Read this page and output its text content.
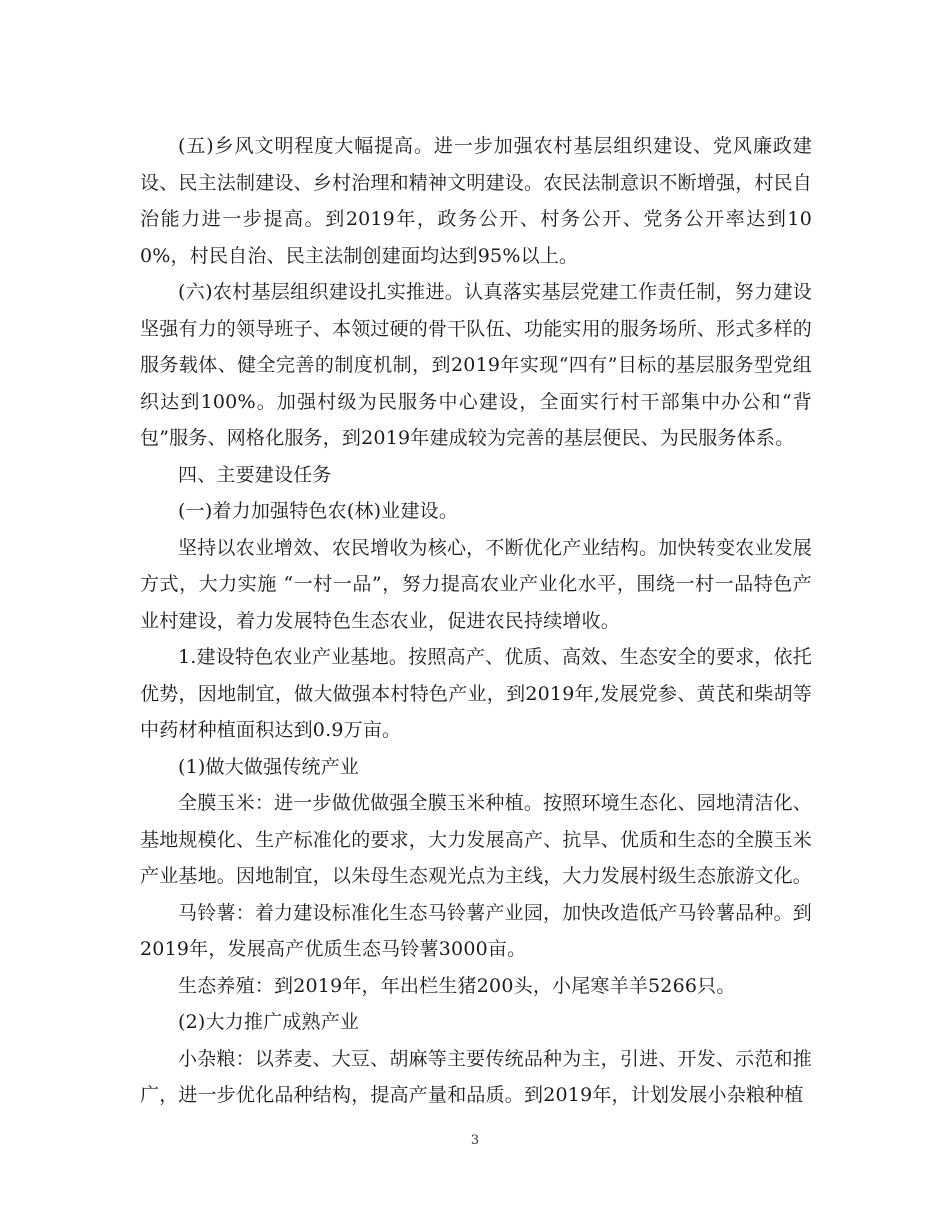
(五)乡风文明程度大幅提高。进一步加强农村基层组织建设、党风廉政建设、民主法制建设、乡村治理和精神文明建设。农民法制意识不断增强，村民自治能力进一步提高。到2019年，政务公开、村务公开、党务公开率达到100%，村民自治、民主法制创建面均达到95%以上。

(六)农村基层组织建设扎实推进。认真落实基层党建工作责任制，努力建设坚强有力的领导班子、本领过硬的骨干队伍、功能实用的服务场所、形式多样的服务载体、健全完善的制度机制，到2019年实现“四有”目标的基层服务型党组织达到100%。加强村级为民服务中心建设，全面实行村干部集中办公和“背包”服务、网格化服务，到2019年建成较为完善的基层便民、为民服务体系。

四、主要建设任务

(一)着力加强特色农(林)业建设。

坚持以农业增效、农民增收为核心，不断优化产业结构。加快转变农业发展方式，大力实施 “一村一品”，努力提高农业产业化水平，围绕一村一品特色产业村建设，着力发展特色生态农业，促进农民持续增收。

1.建设特色农业产业基地。按照高产、优质、高效、生态安全的要求，依托优势，因地制宜，做大做强本村特色产业，到2019年,发展党参、黄芪和柴胡等中药材种植面积达到0.9万亩。

(1)做大做强传统产业

全膜玉米：进一步做优做强全膜玉米种植。按照环境生态化、园地清洁化、基地规模化、生产标准化的要求，大力发展高产、抗旱、优质和生态的全膜玉米产业基地。因地制宜，以朱母生态观光点为主线，大力发展村级生态旅游文化。

马铃薯：着力建设标准化生态马铃薯产业园，加快改造低产马铃薯品种。到2019年，发展高产优质生态马铃薯3000亩。

生态养殖：到2019年，年出栏生猪200头，小尾寒羊羊5266只。

(2)大力推广成熟产业

小杂粮：以荞麦、大豆、胡麻等主要传统品种为主，引进、开发、示范和推广，进一步优化品种结构，提高产量和品质。到2019年，计划发展小杂粮种植

3
